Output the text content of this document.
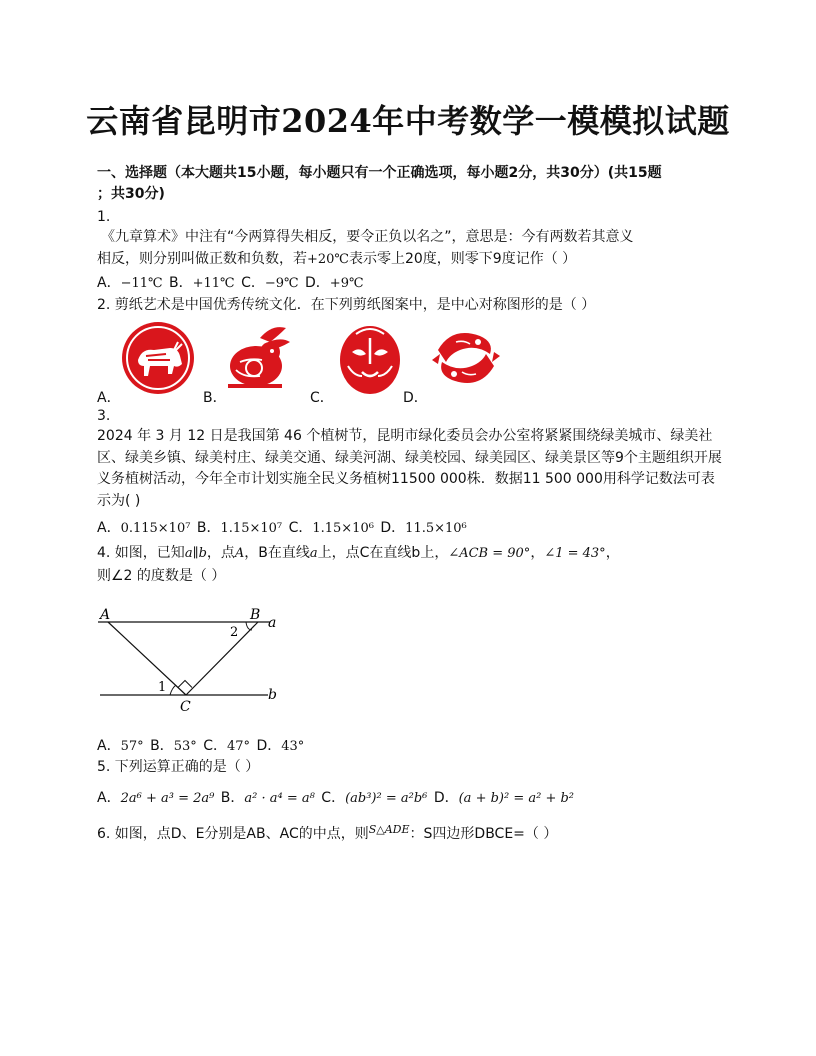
云南省昆明市2024年中考数学一模模拟试题
一、选择题（本大题共15小题，每小题只有一个正确选项，每小题2分，共30分）(共15题
；共30分)
1.
《九章算术》中注有“今两算得失相反，要令正负以名之”，意思是：今有两数若其意义
相反，则分别叫做正数和负数，若+20℃表示零上20度，则零下9度记作（ ）
A．−11℃ B．+11℃ C．−9℃ D．+9℃
2. 剪纸艺术是中国优秀传统文化．在下列剪纸图案中，是中心对称图形的是（ ）
A．	B．	C．	D．
3.
2024 年 3 月 12 日是我国第 46 个植树节，昆明市绿化委员会办公室将紧紧围绕绿美城市、绿美社区、绿美乡镇、绿美村庄、绿美交通、绿美河湖、绿美校园、绿美园区、绿美景区等9个主题组织开展义务植树活动，今年全市计划实施全民义务植树11500 000株．数据11 500 000用科学记数法可表示为( )
A．0.115×10⁷ B．1.15×10⁷ C．1.15×10⁶ D．11.5×10⁶
4. 如图，已知a∥b，点A，B在直线a上，点C在直线b上，∠ACB = 90°，∠1 = 43°，
则∠2 的度数是（ ）
A	B a
b
C
1
2
A．57° B．53° C．47° D．43°
5. 下列运算正确的是（ ）
A．2a⁶ + a³ = 2a⁹ B．a² · a⁴ = a⁸ C．(ab³)² = a²b⁶ D．(a + b)² = a² + b²
6. 如图，点D、E分别是AB、AC的中点，则$^{S\triangle ADE}$：S四边形DBCE=（ ）
